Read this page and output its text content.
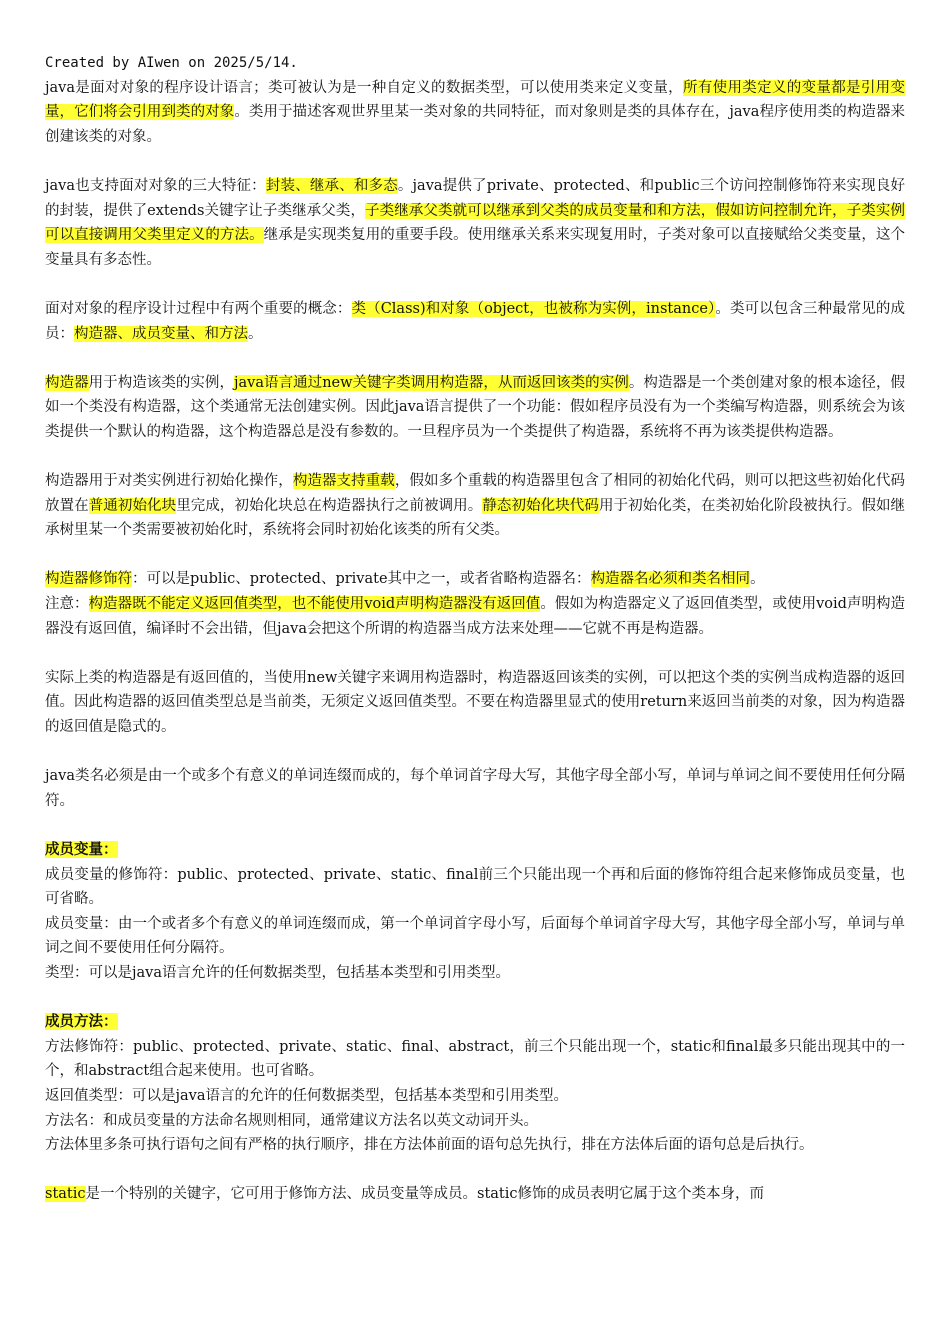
Created by AIwen on 2025/5/14.

java是面对对象的程序设计语言；类可被认为是一种自定义的数据类型，可以使用类来定义变量，所有使用类定义的变量都是引用变量，它们将会引用到类的对象。类用于描述客观世界里某一类对象的共同特征，而对象则是类的具体存在，java程序使用类的构造器来创建该类的对象。

java也支持面对对象的三大特征：封装、继承、和多态。java提供了private、protected、和public三个访问控制修饰符来实现良好的封装，提供了extends关键字让子类继承父类，子类继承父类就可以继承到父类的成员变量和和方法，假如访问控制允许，子类实例可以直接调用父类里定义的方法。继承是实现类复用的重要手段。使用继承关系来实现复用时，子类对象可以直接赋给父类变量，这个变量具有多态性。

面对对象的程序设计过程中有两个重要的概念：类（Class)和对象（object，也被称为实例，instance）。类可以包含三种最常见的成员：构造器、成员变量、和方法。

构造器用于构造该类的实例，java语言通过new关键字类调用构造器，从而返回该类的实例。构造器是一个类创建对象的根本途径，假如一个类没有构造器，这个类通常无法创建实例。因此java语言提供了一个功能：假如程序员没有为一个类编写构造器，则系统会为该类提供一个默认的构造器，这个构造器总是没有参数的。一旦程序员为一个类提供了构造器，系统将不再为该类提供构造器。

构造器用于对类实例进行初始化操作，构造器支持重载，假如多个重载的构造器里包含了相同的初始化代码，则可以把这些初始化代码放置在普通初始化块里完成，初始化块总在构造器执行之前被调用。静态初始化块代码用于初始化类，在类初始化阶段被执行。假如继承树里某一个类需要被初始化时，系统将会同时初始化该类的所有父类。

构造器修饰符：可以是public、protected、private其中之一，或者省略构造器名：构造器名必须和类名相同。
注意：构造器既不能定义返回值类型，也不能使用void声明构造器没有返回值。假如为构造器定义了返回值类型，或使用void声明构造器没有返回值，编译时不会出错，但java会把这个所谓的构造器当成方法来处理——它就不再是构造器。

实际上类的构造器是有返回值的，当使用new关键字来调用构造器时，构造器返回该类的实例，可以把这个类的实例当成构造器的返回值。因此构造器的返回值类型总是当前类，无须定义返回值类型。不要在构造器里显式的使用return来返回当前类的对象，因为构造器的返回值是隐式的。

java类名必须是由一个或多个有意义的单词连缀而成的，每个单词首字母大写，其他字母全部小写，单词与单词之间不要使用任何分隔符。

成员变量：

成员变量的修饰符：public、protected、private、static、final前三个只能出现一个再和后面的修饰符组合起来修饰成员变量，也可省略。

成员变量：由一个或者多个有意义的单词连缀而成，第一个单词首字母小写，后面每个单词首字母大写，其他字母全部小写，单词与单词之间不要使用任何分隔符。

类型：可以是java语言允许的任何数据类型，包括基本类型和引用类型。

成员方法：

方法修饰符：public、protected、private、static、final、abstract，前三个只能出现一个，static和final最多只能出现其中的一个，和abstract组合起来使用。也可省略。

返回值类型：可以是java语言的允许的任何数据类型，包括基本类型和引用类型。

方法名：和成员变量的方法命名规则相同，通常建议方法名以英文动词开头。

方法体里多条可执行语句之间有严格的执行顺序，排在方法体前面的语句总先执行，排在方法体后面的语句总是后执行。

static是一个特别的关键字，它可用于修饰方法、成员变量等成员。static修饰的成员表明它属于这个类本身，而
